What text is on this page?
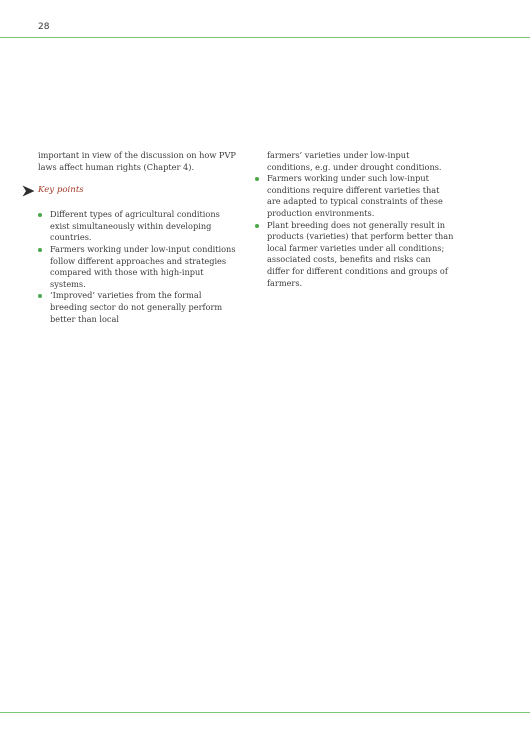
28

important in view of the discussion on how PVP laws affect human rights (Chapter 4).

Key points
Different types of agricultural conditions exist simultaneously within developing countries.
Farmers working under low-input conditions follow different approaches and strategies compared with those with high-input systems.
‘Improved’ varieties from the formal breeding sector do not generally perform better than local

farmers’ varieties under low-input conditions, e.g. under drought conditions.

Farmers working under such low-input conditions require different varieties that are adapted to typical constraints of these production environments.
Plant breeding does not generally result in products (varieties) that perform better than local farmer varieties under all conditions; associated costs, benefits and risks can differ for different conditions and groups of farmers.
